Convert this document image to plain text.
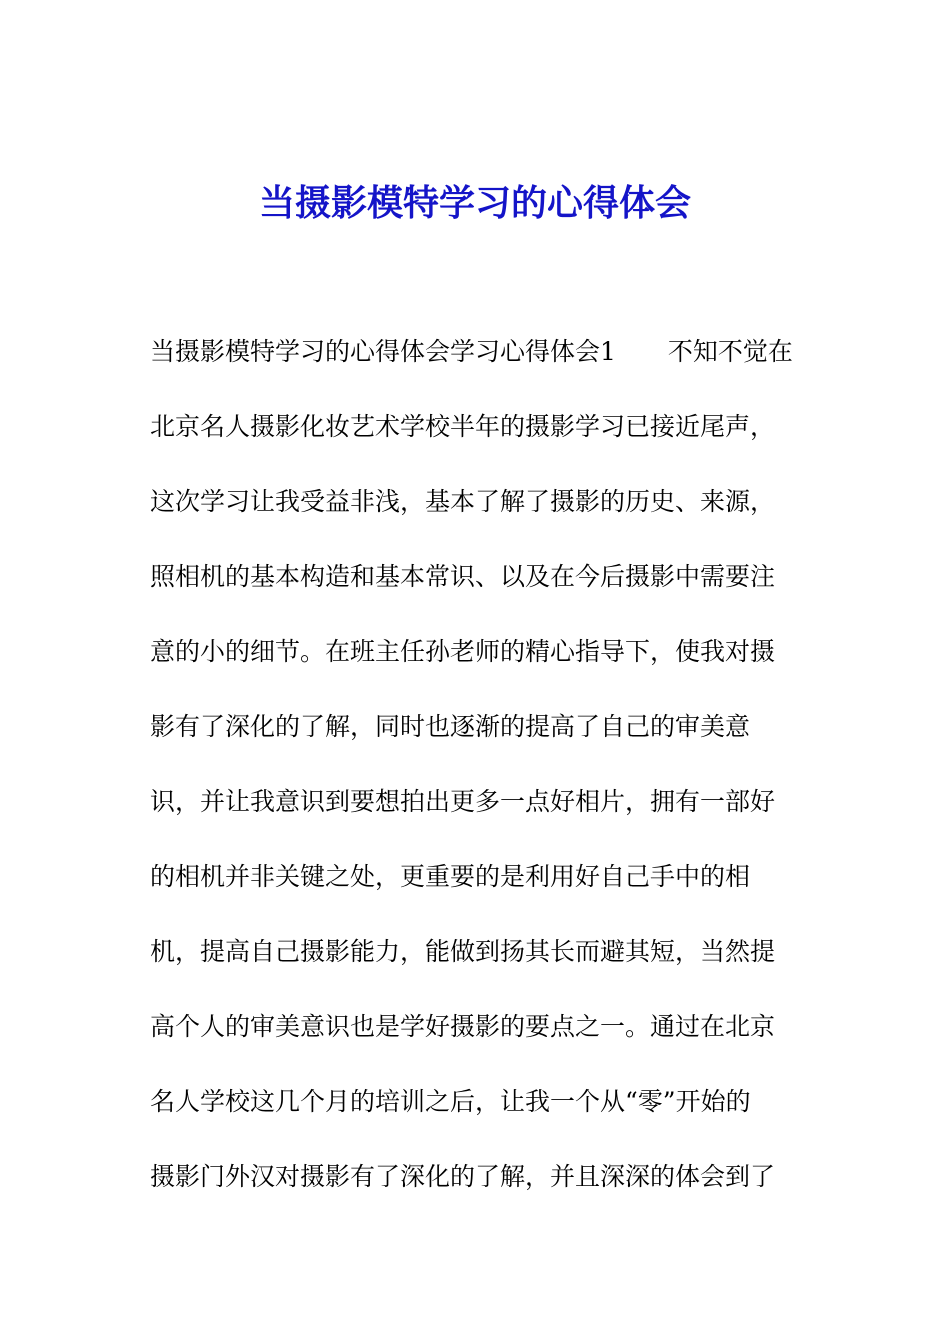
当摄影模特学习的心得体会
当摄影模特学习的心得体会学习心得体会1 不知不觉在
北京名人摄影化妆艺术学校半年的摄影学习已接近尾声，
这次学习让我受益非浅，基本了解了摄影的历史、来源，
照相机的基本构造和基本常识、以及在今后摄影中需要注
意的小的细节。在班主任孙老师的精心指导下，使我对摄
影有了深化的了解，同时也逐渐的提高了自己的审美意
识，并让我意识到要想拍出更多一点好相片，拥有一部好
的相机并非关键之处，更重要的是利用好自己手中的相
机，提高自己摄影能力，能做到扬其长而避其短，当然提
高个人的审美意识也是学好摄影的要点之一。通过在北京
名人学校这几个月的培训之后，让我一个从“零”开始的
摄影门外汉对摄影有了深化的了解，并且深深的体会到了
